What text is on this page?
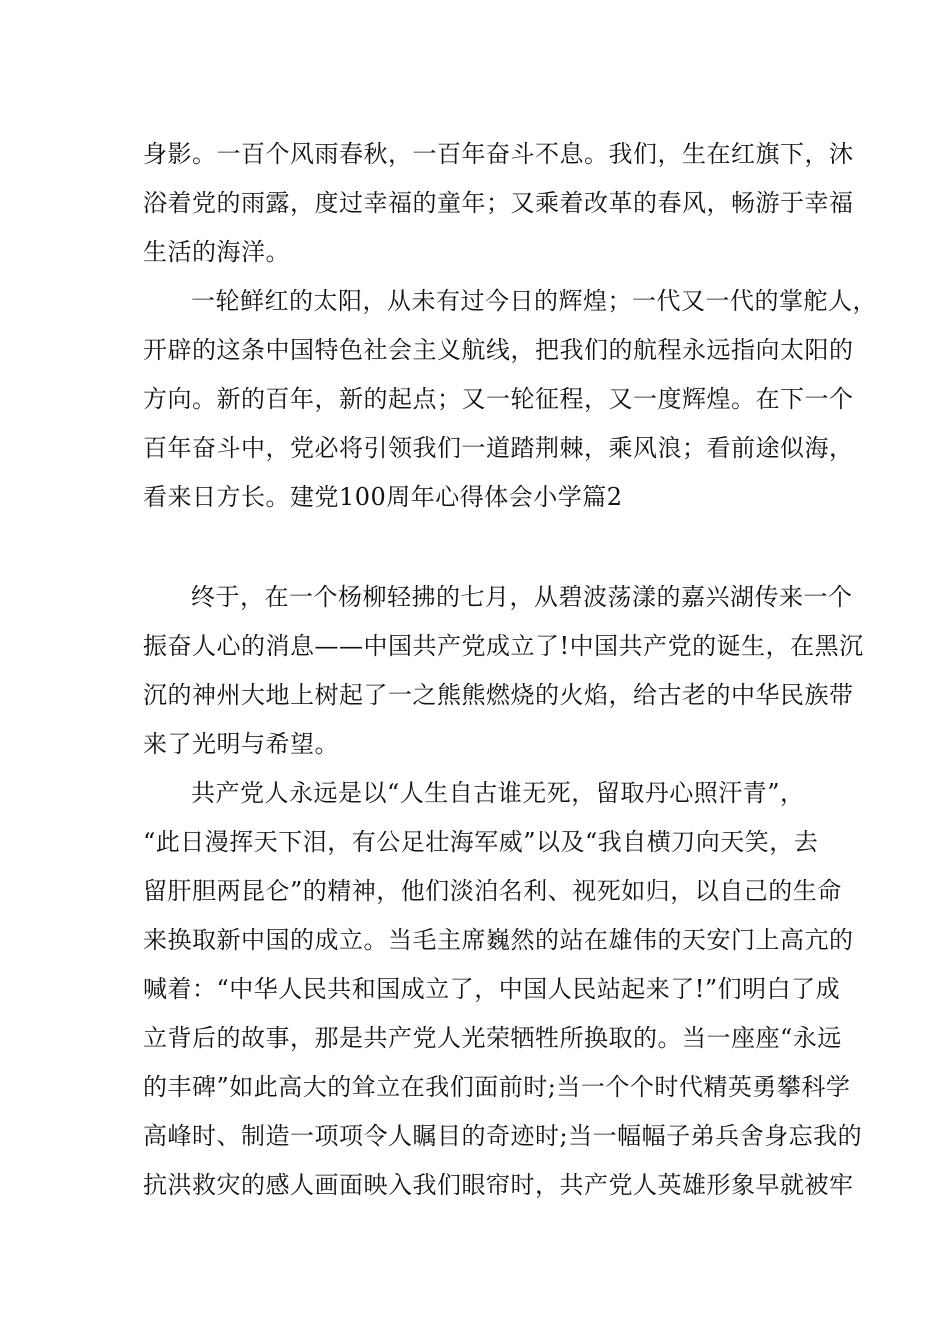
身影。一百个风雨春秋，一百年奋斗不息。我们，生在红旗下，沐

浴着党的雨露，度过幸福的童年；又乘着改革的春风，畅游于幸福

生活的海洋。

一轮鲜红的太阳，从未有过今日的辉煌；一代又一代的掌舵人，

开辟的这条中国特色社会主义航线，把我们的航程永远指向太阳的

方向。新的百年，新的起点；又一轮征程，又一度辉煌。在下一个

百年奋斗中，党必将引领我们一道踏荆棘，乘风浪；看前途似海，

看来日方长。建党100周年心得体会小学篇2

终于，在一个杨柳轻拂的七月，从碧波荡漾的嘉兴湖传来一个

振奋人心的消息——中国共产党成立了!中国共产党的诞生，在黑沉

沉的神州大地上树起了一之熊熊燃烧的火焰，给古老的中华民族带

来了光明与希望。

共产党人永远是以“人生自古谁无死，留取丹心照汗青”，

“此日漫挥天下泪，有公足壮海军威”以及“我自横刀向天笑，去

留肝胆两昆仑”的精神，他们淡泊名利、视死如归，以自己的生命

来换取新中国的成立。当毛主席巍然的站在雄伟的天安门上高亢的

喊着：“中华人民共和国成立了，中国人民站起来了!”们明白了成

立背后的故事，那是共产党人光荣牺牲所换取的。当一座座“永远

的丰碑”如此高大的耸立在我们面前时;当一个个时代精英勇攀科学

高峰时、制造一项项令人瞩目的奇迹时;当一幅幅子弟兵舍身忘我的

抗洪救灾的感人画面映入我们眼帘时，共产党人英雄形象早就被牢
